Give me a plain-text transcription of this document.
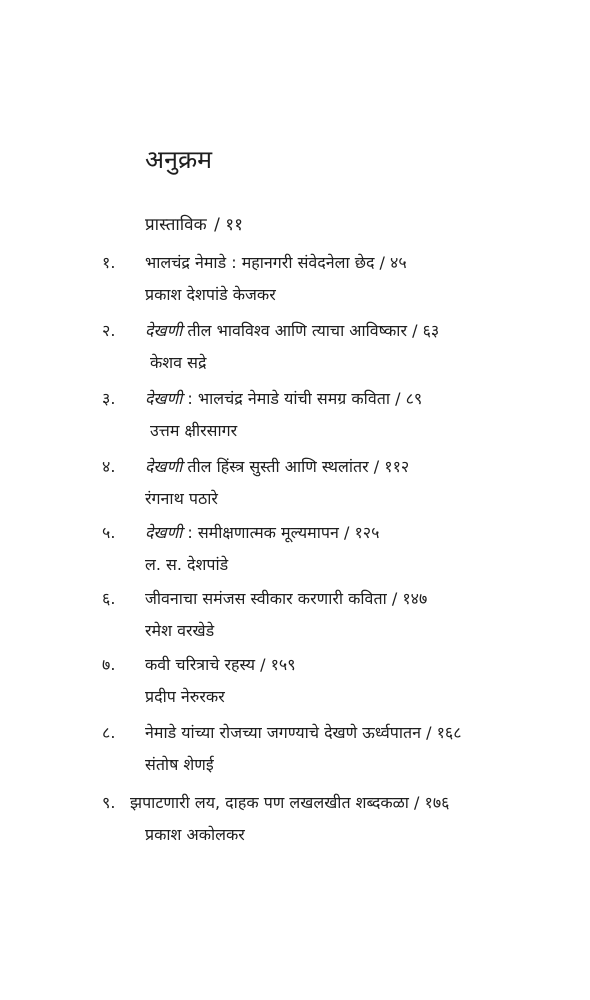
अनुक्रम
प्रास्ताविक / ११
१. भालचंद्र नेमाडे : महानगरी संवेदनेला छेद / ४५
प्रकाश देशपांडे केजकर
२. देखणी तील भावविश्व आणि त्याचा आविष्कार / ६३
केशव सद्रे
३. देखणी : भालचंद्र नेमाडे यांची समग्र कविता / ८९
उत्तम क्षीरसागर
४. देखणी तील हिंस्त्र सुस्ती आणि स्थलांतर / ११२
रंगनाथ पठारे
५. देखणी : समीक्षणात्मक मूल्यमापन / १२५
ल. स. देशपांडे
६. जीवनाचा समंजस स्वीकार करणारी कविता / १४७
रमेश वरखेडे
७. कवी चरित्राचे रहस्य / १५९
प्रदीप नेरुरकर
८. नेमाडे यांच्या रोजच्या जगण्याचे देखणे ऊर्ध्वपातन / १६८
संतोष शेणई
९. झपाटणारी लय, दाहक पण लखलखीत शब्दकळा / १७६
प्रकाश अकोलकर
